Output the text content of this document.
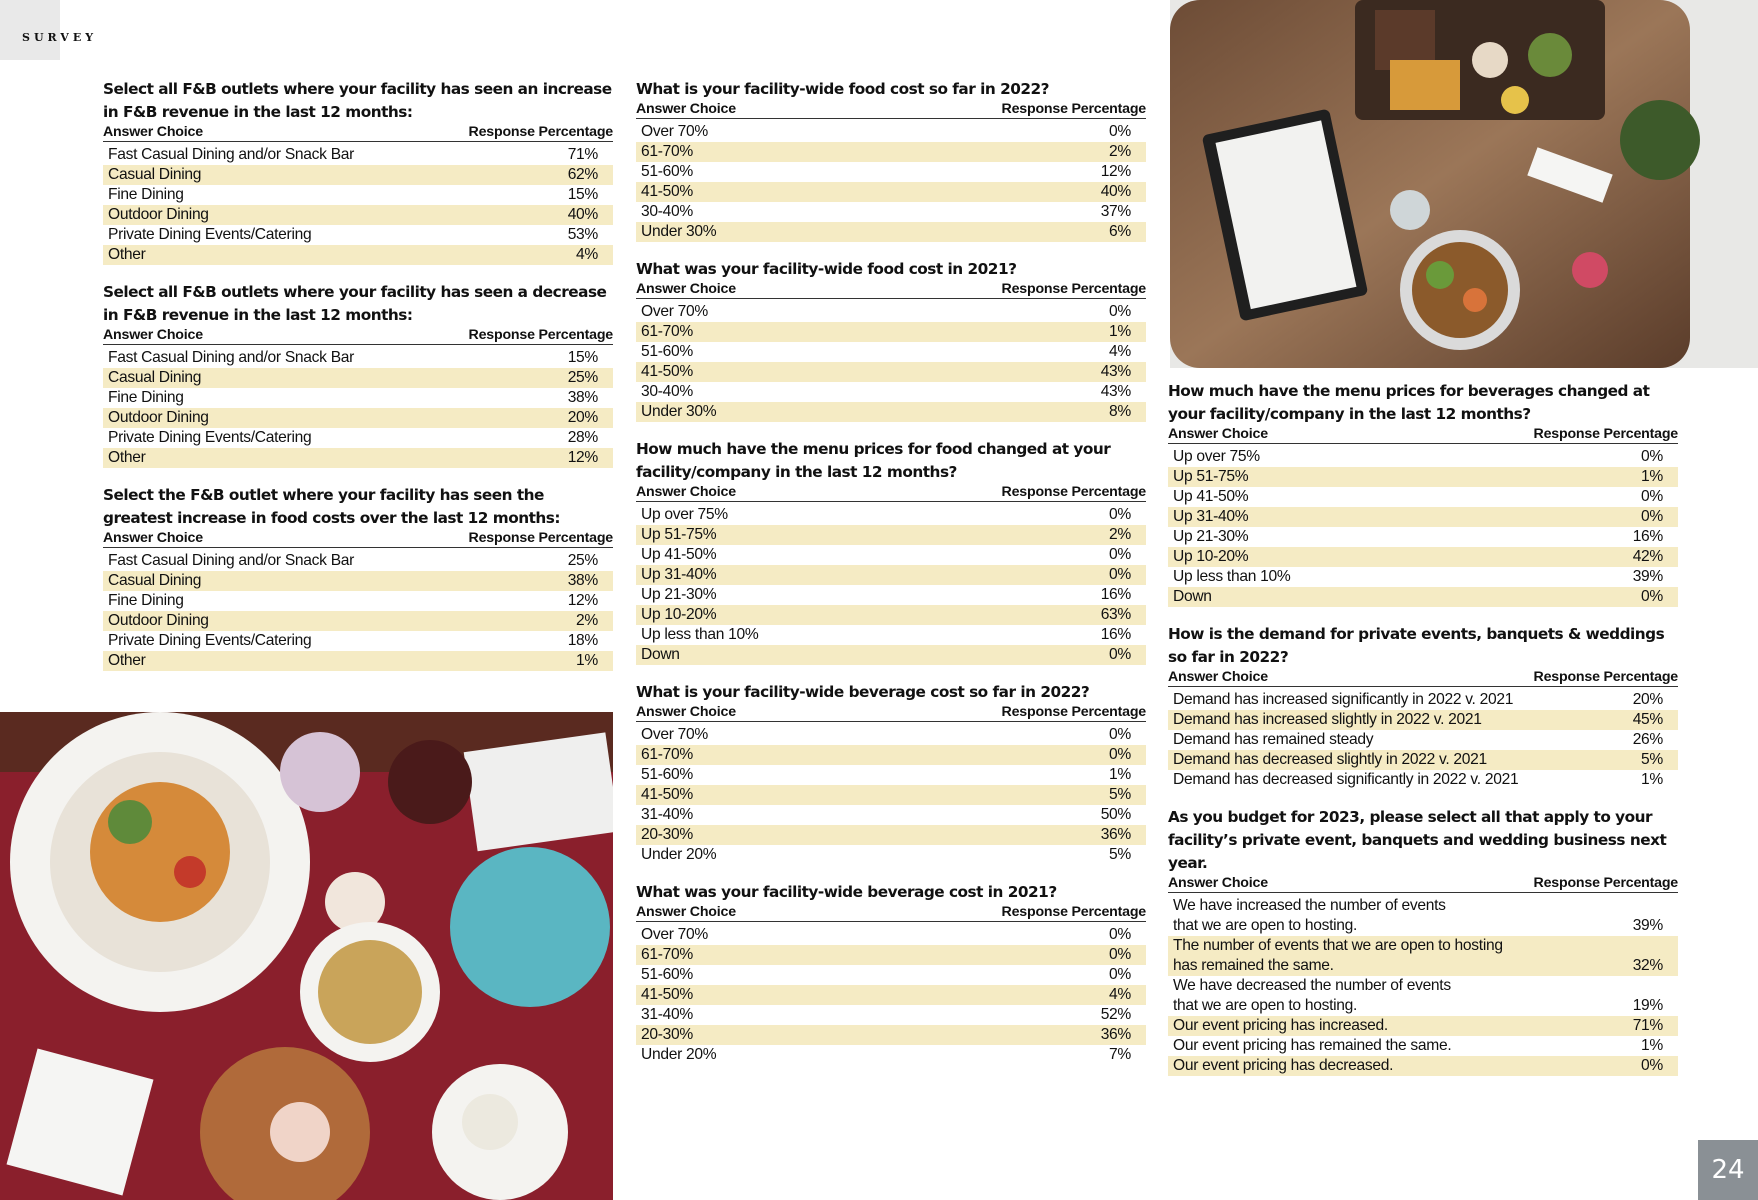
SURVEY
Select all F&B outlets where your facility has seen an increase in F&B revenue in the last 12 months:
Answer Choice	Response Percentage
Fast Casual Dining and/or Snack Bar	71%
Casual Dining	62%
Fine Dining	15%
Outdoor Dining	40%
Private Dining Events/Catering	53%
Other	4%
Select all F&B outlets where your facility has seen a decrease in F&B revenue in the last 12 months:
Answer Choice	Response Percentage
Fast Casual Dining and/or Snack Bar	15%
Casual Dining	25%
Fine Dining	38%
Outdoor Dining	20%
Private Dining Events/Catering	28%
Other	12%
Select the F&B outlet where your facility has seen the greatest increase in food costs over the last 12 months:
Answer Choice	Response Percentage
Fast Casual Dining and/or Snack Bar	25%
Casual Dining	38%
Fine Dining	12%
Outdoor Dining	2%
Private Dining Events/Catering	18%
Other	1%
What is your facility-wide food cost so far in 2022?
Answer Choice	Response Percentage
Over 70%	0%
61-70%	2%
51-60%	12%
41-50%	40%
30-40%	37%
Under 30%	6%
What was your facility-wide food cost in 2021?
Answer Choice	Response Percentage
Over 70%	0%
61-70%	1%
51-60%	4%
41-50%	43%
30-40%	43%
Under 30%	8%
How much have the menu prices for food changed at your facility/company in the last 12 months?
Answer Choice	Response Percentage
Up over 75%	0%
Up 51-75%	2%
Up 41-50%	0%
Up 31-40%	0%
Up 21-30%	16%
Up 10-20%	63%
Up less than 10%	16%
Down	0%
What is your facility-wide beverage cost so far in 2022?
Answer Choice	Response Percentage
Over 70%	0%
61-70%	0%
51-60%	1%
41-50%	5%
31-40%	50%
20-30%	36%
Under 20%	5%
What was your facility-wide beverage cost in 2021?
Answer Choice	Response Percentage
Over 70%	0%
61-70%	0%
51-60%	0%
41-50%	4%
31-40%	52%
20-30%	36%
Under 20%	7%
How much have the menu prices for beverages changed at your facility/company in the last 12 months?
Answer Choice	Response Percentage
Up over 75%	0%
Up 51-75%	1%
Up 41-50%	0%
Up 31-40%	0%
Up 21-30%	16%
Up 10-20%	42%
Up less than 10%	39%
Down	0%
How is the demand for private events, banquets & weddings so far in 2022?
Answer Choice	Response Percentage
Demand has increased significantly in 2022 v. 2021	20%
Demand has increased slightly in 2022 v. 2021	45%
Demand has remained steady	26%
Demand has decreased slightly in 2022 v. 2021	5%
Demand has decreased significantly in 2022 v. 2021	1%
As you budget for 2023, please select all that apply to your facility’s private event, banquets and wedding business next year.
Answer Choice	Response Percentage
We have increased the number of events that we are open to hosting.	39%
The number of events that we are open to hosting has remained the same.	32%
We have decreased the number of events that we are open to hosting.	19%
Our event pricing has increased.	71%
Our event pricing has remained the same.	1%
Our event pricing has decreased.	0%
24
